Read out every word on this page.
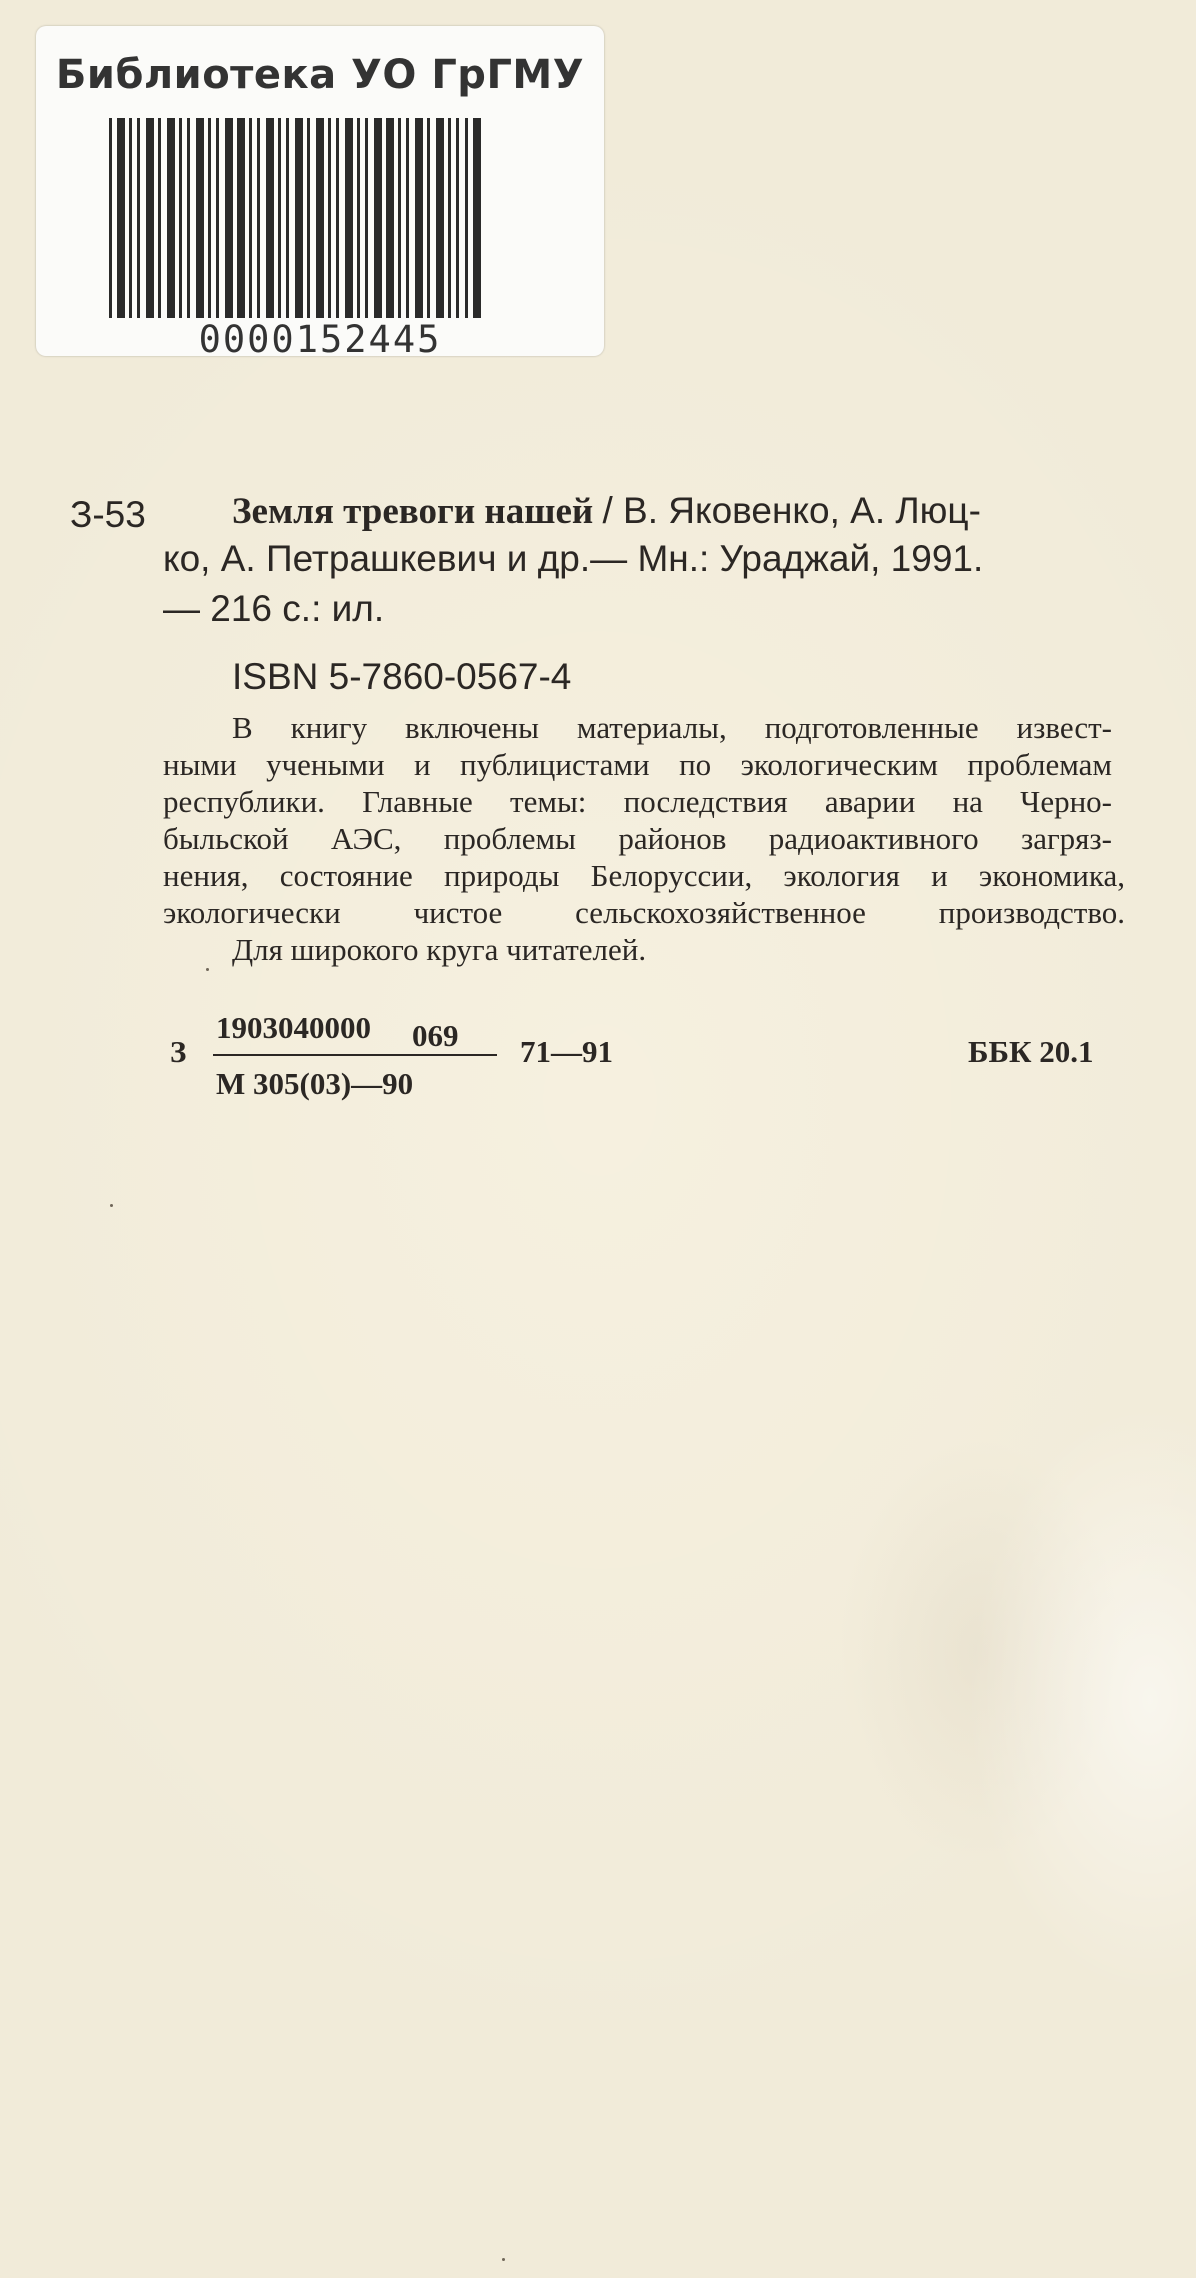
Библиотека УО ГрГМУ
0000152445
З-53 Земля тревоги нашей / В. Яковенко, А. Люц-
ко, А. Петрашкевич и др.— Мн.: Ураджай, 1991.
— 216 с.: ил.
ISBN 5-7860-0567-4
В книгу включены материалы, подготовленные извест-
ными учеными и публицистами по экологическим проблемам
республики. Главные темы: последствия аварии на Черно-
быльской АЭС, проблемы районов радиоактивного загряз-
нения, состояние природы Белоруссии, экология и экономика,
экологически чистое сельскохозяйственное производство.
Для широкого круга читателей.
З
1903040000 069
М 305(03)—90
71—91	ББК 20.1
